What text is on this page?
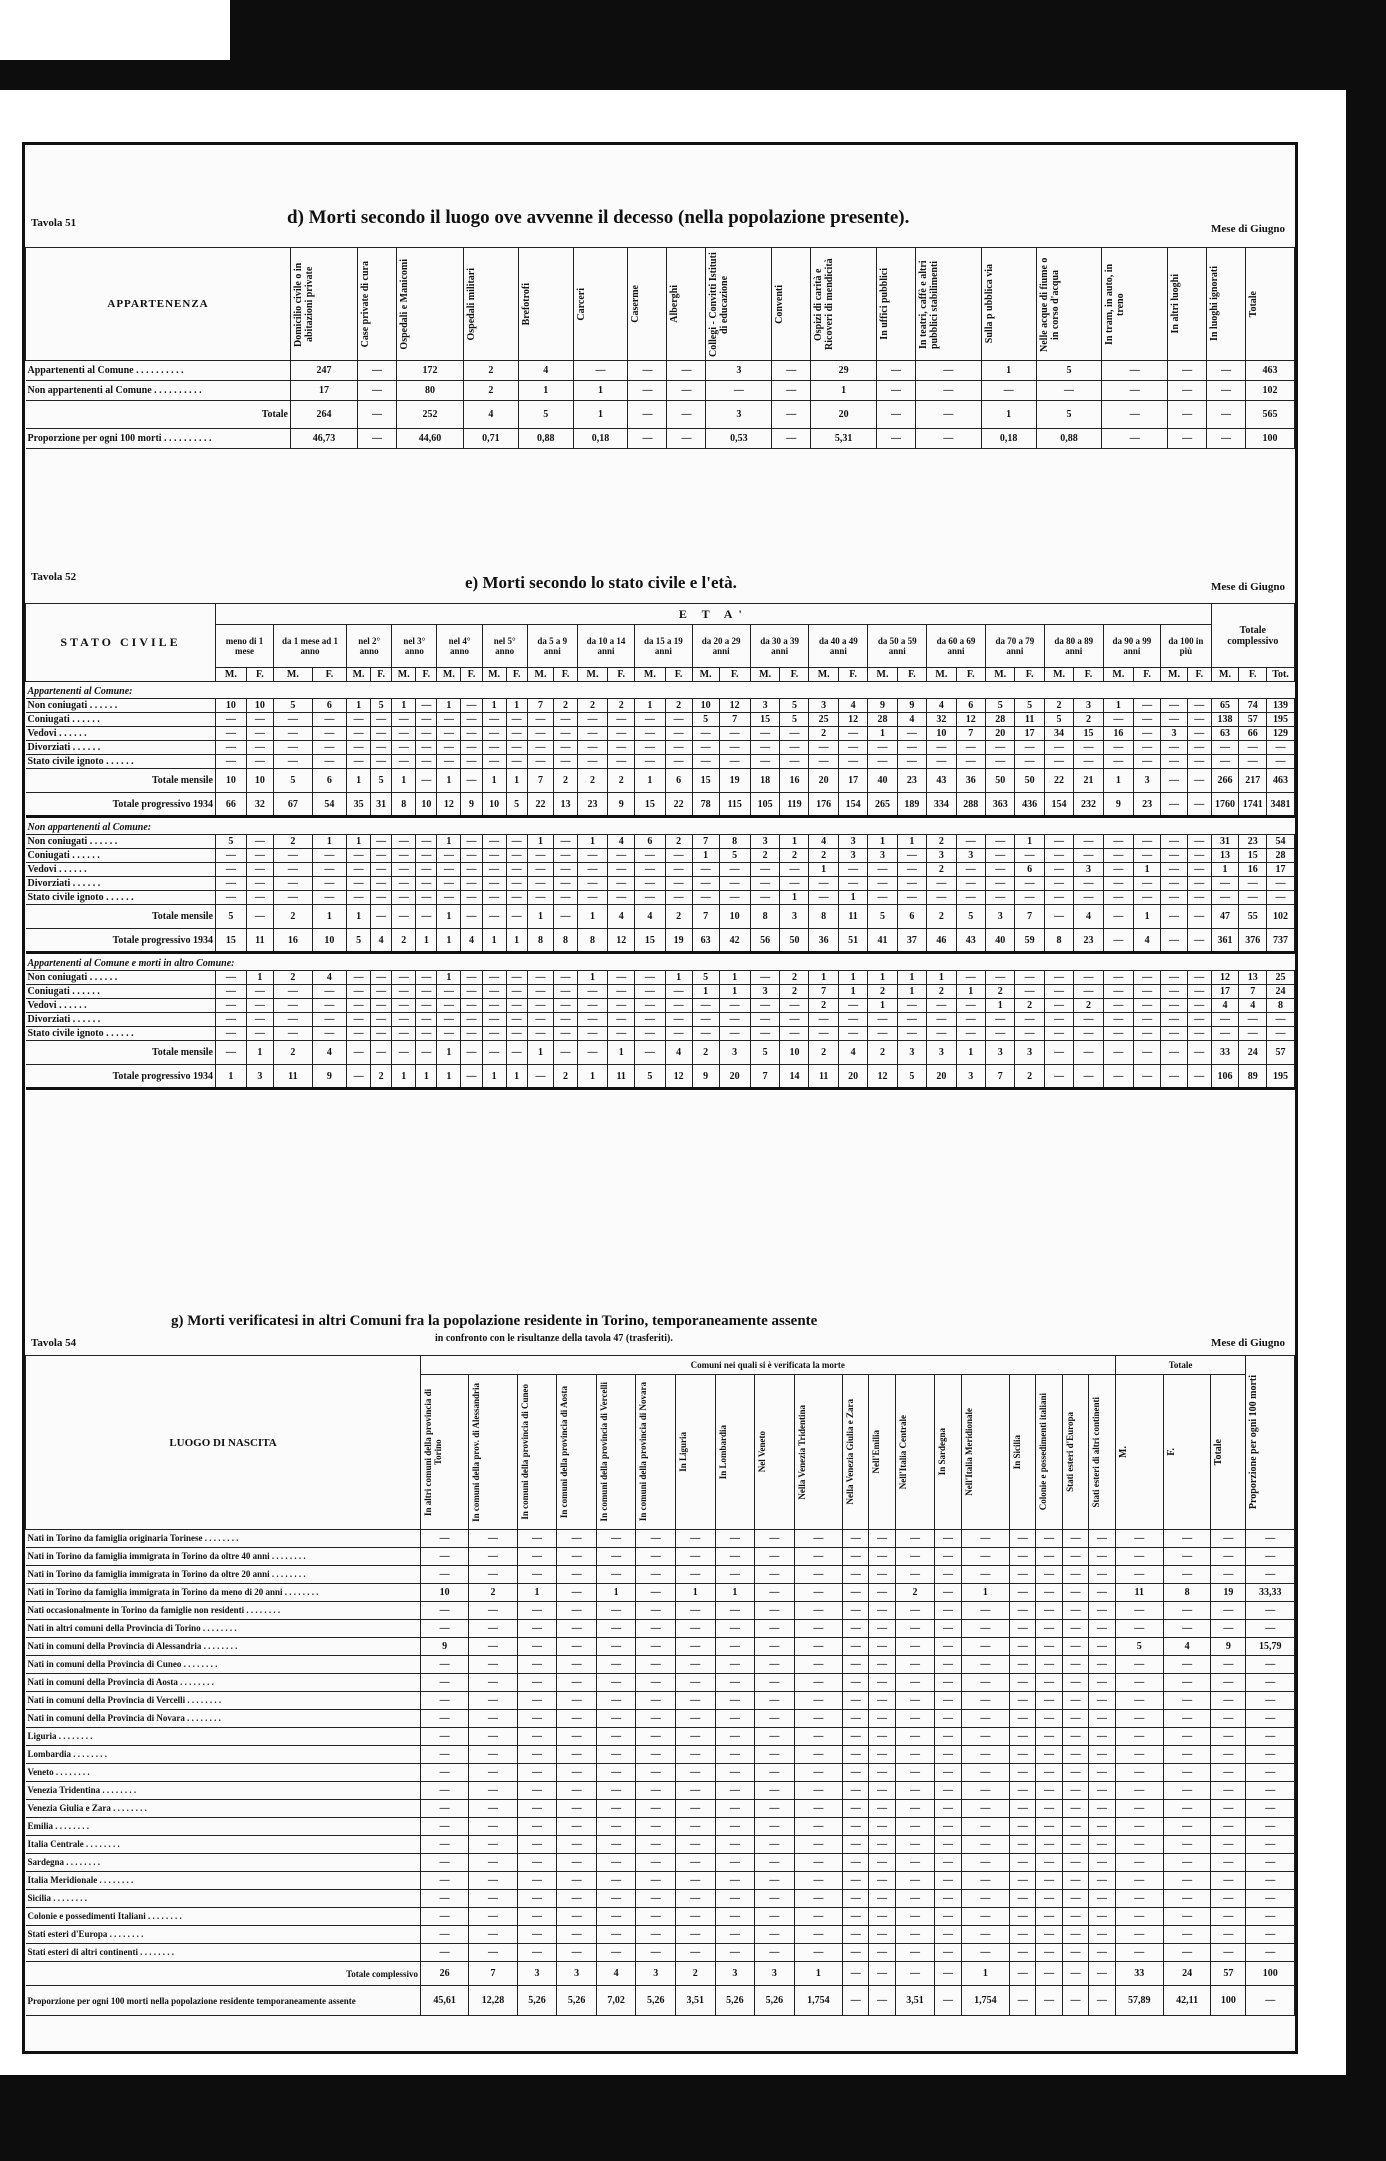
Tavola 51	d) Morti secondo il luogo ove avvenne il decesso (nella popolazione presente).
Mese di Giugno
APPARTENENZA	Domicilio civile o in abitazioni private	Case private di cura	Ospedali e Manicomi	Ospedali militari	Brefotrofi	Carceri	Caserme	Alberghi	Collegi - Convitti Istituti di educazione	Conventi	Ospizi di carità e Ricoveri di mendicità	In uffici pubblici	In teatri, caffè e altri pubblici stabilimenti	Sulla p ubblica via	Nelle acque di fiume o in corso d'acqua	In tram, in auto, in treno	In altri luoghi	In luoghi ignorati	Totale

Appartenenti al Comune . . . . . . . . . .	247	—	172	2	4	—	—	—	3	—	29	—	—	1	5	—	—	—	463
Non appartenenti al Comune . . . . . . . . . .	17	—	80	2	1	1	—	—	—	—	1	—	—	—	—	—	—	—	102
Totale	264	—	252	4	5	1	—	—	3	—	20	—	—	1	5	—	—	—	565
Proporzione per ogni 100 morti . . . . . . . . . .	46,73	—	44,60	0,71	0,88	0,18	—	—	0,53	—	5,31	—	—	0,18	0,88	—	—	—	100
Tavola 52	e) Morti secondo lo stato civile e l'età.	Mese di Giugno
STATO CIVILE	E T A'																																				Totale complessivo		
	meno di 1 mese		da 1 mese ad 1 anno		nel 2° anno		nel 3° anno		nel 4° anno		nel 5° anno		da 5 a 9 anni		da 10 a 14 anni		da 15 a 19 anni		da 20 a 29 anni		da 30 a 39 anni		da 40 a 49 anni		da 50 a 59 anni		da 60 a 69 anni		da 70 a 79 anni		da 80 a 89 anni		da 90 a 99 anni		da 100 in più				
	M.	F.	M.	F.	M.	F.	M.	F.	M.	F.	M.	F.	M.	F.	M.	F.	M.	F.	M.	F.	M.	F.	M.	F.	M.	F.	M.	F.	M.	F.	M.	F.	M.	F.	M.	F.	M.	F.	Tot.
Appartenenti al Comune:																																							
Non coniugati . . . . . .	10	10	5	6	1	5	1	—	1	—	1	1	7	2	2	2	1	2	10	12	3	5	3	4	9	9	4	6	5	5	2	3	1	—	—	—	65	74	139
Coniugati . . . . . .	—	—	—	—	—	—	—	—	—	—	—	—	—	—	—	—	—	—	5	7	15	5	25	12	28	4	32	12	28	11	5	2	—	—	—	—	138	57	195
Vedovi . . . . . .	—	—	—	—	—	—	—	—	—	—	—	—	—	—	—	—	—	—	—	—	—	—	2	—	1	—	10	7	20	17	34	15	16	—	3	—	63	66	129
Divorziati . . . . . .	—	—	—	—	—	—	—	—	—	—	—	—	—	—	—	—	—	—	—	—	—	—	—	—	—	—	—	—	—	—	—	—	—	—	—	—	—	—	—
Stato civile ignoto . . . . . .	—	—	—	—	—	—	—	—	—	—	—	—	—	—	—	—	—	—	—	—	—	—	—	—	—	—	—	—	—	—	—	—	—	—	—	—	—	—	—
Totale mensile	10	10	5	6	1	5	1	—	1	—	1	1	7	2	2	2	1	6	15	19	18	16	20	17	40	23	43	36	50	50	22	21	1	3	—	—	266	217	463
Totale progressivo 1934	66	32	67	54	35	31	8	10	12	9	10	5	22	13	23	9	15	22	78	115	105	119	176	154	265	189	334	288	363	436	154	232	9	23	—	—	1760	1741	3481
Non appartenenti al Comune:																																							
Non coniugati . . . . . .	5	—	2	1	1	—	—	—	1	—	—	—	1	—	1	4	6	2	7	8	3	1	4	3	1	1	2	—	—	1	—	—	—	—	—	—	31	23	54
Coniugati . . . . . .	—	—	—	—	—	—	—	—	—	—	—	—	—	—	—	—	—	—	1	5	2	2	2	3	3	—	3	3	—	—	—	—	—	—	—	—	13	15	28
Vedovi . . . . . .	—	—	—	—	—	—	—	—	—	—	—	—	—	—	—	—	—	—	—	—	—	—	1	—	—	—	2	—	—	6	—	3	—	1	—	—	1	16	17
Divorziati . . . . . .	—	—	—	—	—	—	—	—	—	—	—	—	—	—	—	—	—	—	—	—	—	—	—	—	—	—	—	—	—	—	—	—	—	—	—	—	—	—	—
Stato civile ignoto . . . . . .	—	—	—	—	—	—	—	—	—	—	—	—	—	—	—	—	—	—	—	—	—	1	—	1	—	—	—	—	—	—	—	—	—	—	—	—	—	—	—
Totale mensile	5	—	2	1	1	—	—	—	1	—	—	—	1	—	1	4	4	2	7	10	8	3	8	11	5	6	2	5	3	7	—	4	—	1	—	—	47	55	102
Totale progressivo 1934	15	11	16	10	5	4	2	1	1	4	1	1	8	8	8	12	15	19	63	42	56	50	36	51	41	37	46	43	40	59	8	23	—	4	—	—	361	376	737
Appartenenti al Comune e morti in altro Comune:																																							
Non coniugati . . . . . .	—	1	2	4	—	—	—	—	1	—	—	—	—	—	1	—	—	1	5	1	—	2	1	1	1	1	1	—	—	—	—	—	—	—	—	—	12	13	25
Coniugati . . . . . .	—	—	—	—	—	—	—	—	—	—	—	—	—	—	—	—	—	—	1	1	3	2	7	1	2	1	2	1	2	—	—	—	—	—	—	—	17	7	24
Vedovi . . . . . .	—	—	—	—	—	—	—	—	—	—	—	—	—	—	—	—	—	—	—	—	—	—	2	—	1	—	—	—	1	2	—	2	—	—	—	—	4	4	8
Divorziati . . . . . .	—	—	—	—	—	—	—	—	—	—	—	—	—	—	—	—	—	—	—	—	—	—	—	—	—	—	—	—	—	—	—	—	—	—	—	—	—	—	—
Stato civile ignoto . . . . . .	—	—	—	—	—	—	—	—	—	—	—	—	—	—	—	—	—	—	—	—	—	—	—	—	—	—	—	—	—	—	—	—	—	—	—	—	—	—	—
Totale mensile	—	1	2	4	—	—	—	—	1	—	—	—	1	—	—	1	—	4	2	3	5	10	2	4	2	3	3	1	3	3	—	—	—	—	—	—	33	24	57
Totale progressivo 1934	1	3	11	9	—	2	1	1	1	—	1	1	—	2	1	11	5	12	9	20	7	14	11	20	12	5	20	3	7	2	—	—	—	—	—	—	106	89	195
Tavola 54
g) Morti verificatesi in altri Comuni fra la popolazione residente in Torino, temporaneamente assente
in confronto con le risultanze della tavola 47 (trasferiti).	Mese di Giugno
LUOGO DI NASCITA	Comuni nei quali si è verificata la morte																			Totale			Proporzione per ogni 100 morti

	In altri comuni della provincia di Torino	In comuni della prov. di Alessandria	In comuni della provincia di Cuneo	In comuni della provincia di Aosta	In comuni della provincia di Vercelli	In comuni della provincia di Novara	In Liguria	In Lombardia	Nel Veneto	Nella Venezia Tridentina	Nella Venezia Giulia e Zara	Nell'Emilia	Nell'Italia Centrale	In Sardegna	Nell'Italia Meridionale	In Sicilia	Colonie e possedimenti italiani	Stati esteri d'Europa	Stati esteri di altri continenti	M.	F.	Totale	

Nati in Torino da famiglia originaria Torinese . . . . . . . .	—	—	—	—	—	—	—	—	—	—	—	—	—	—	—	—	—	—	—	—	—	—	—
Nati in Torino da famiglia immigrata in Torino da oltre 40 anni . . . . . . . .	—	—	—	—	—	—	—	—	—	—	—	—	—	—	—	—	—	—	—	—	—	—	—
Nati in Torino da famiglia immigrata in Torino da oltre 20 anni . . . . . . . .	—	—	—	—	—	—	—	—	—	—	—	—	—	—	—	—	—	—	—	—	—	—	—
Nati in Torino da famiglia immigrata in Torino da meno di 20 anni . . . . . . . .	10	2	1	—	1	—	1	1	—	—	—	—	2	—	1	—	—	—	—	11	8	19	33,33
Nati occasionalmente in Torino da famiglie non residenti . . . . . . . .	—	—	—	—	—	—	—	—	—	—	—	—	—	—	—	—	—	—	—	—	—	—	—
Nati in altri comuni della Provincia di Torino . . . . . . . .	—	—	—	—	—	—	—	—	—	—	—	—	—	—	—	—	—	—	—	—	—	—	—
Nati in comuni della Provincia di Alessandria . . . . . . . .	9	—	—	—	—	—	—	—	—	—	—	—	—	—	—	—	—	—	—	5	4	9	15,79
Nati in comuni della Provincia di Cuneo . . . . . . . .	—	—	—	—	—	—	—	—	—	—	—	—	—	—	—	—	—	—	—	—	—	—	—
Nati in comuni della Provincia di Aosta . . . . . . . .	—	—	—	—	—	—	—	—	—	—	—	—	—	—	—	—	—	—	—	—	—	—	—
Nati in comuni della Provincia di Vercelli . . . . . . . .	—	—	—	—	—	—	—	—	—	—	—	—	—	—	—	—	—	—	—	—	—	—	—
Nati in comuni della Provincia di Novara . . . . . . . .	—	—	—	—	—	—	—	—	—	—	—	—	—	—	—	—	—	—	—	—	—	—	—
Liguria . . . . . . . .	—	—	—	—	—	—	—	—	—	—	—	—	—	—	—	—	—	—	—	—	—	—	—
Lombardia . . . . . . . .	—	—	—	—	—	—	—	—	—	—	—	—	—	—	—	—	—	—	—	—	—	—	—
Veneto . . . . . . . .	—	—	—	—	—	—	—	—	—	—	—	—	—	—	—	—	—	—	—	—	—	—	—
Venezia Tridentina . . . . . . . .	—	—	—	—	—	—	—	—	—	—	—	—	—	—	—	—	—	—	—	—	—	—	—
Venezia Giulia e Zara . . . . . . . .	—	—	—	—	—	—	—	—	—	—	—	—	—	—	—	—	—	—	—	—	—	—	—
Emilia . . . . . . . .	—	—	—	—	—	—	—	—	—	—	—	—	—	—	—	—	—	—	—	—	—	—	—
Italia Centrale . . . . . . . .	—	—	—	—	—	—	—	—	—	—	—	—	—	—	—	—	—	—	—	—	—	—	—
Sardegna . . . . . . . .	—	—	—	—	—	—	—	—	—	—	—	—	—	—	—	—	—	—	—	—	—	—	—
Italia Meridionale . . . . . . . .	—	—	—	—	—	—	—	—	—	—	—	—	—	—	—	—	—	—	—	—	—	—	—
Sicilia . . . . . . . .	—	—	—	—	—	—	—	—	—	—	—	—	—	—	—	—	—	—	—	—	—	—	—
Colonie e possedimenti Italiani . . . . . . . .	—	—	—	—	—	—	—	—	—	—	—	—	—	—	—	—	—	—	—	—	—	—	—
Stati esteri d'Europa . . . . . . . .	—	—	—	—	—	—	—	—	—	—	—	—	—	—	—	—	—	—	—	—	—	—	—
Stati esteri di altri continenti . . . . . . . .	—	—	—	—	—	—	—	—	—	—	—	—	—	—	—	—	—	—	—	—	—	—	—
Totale complessivo	26	7	3	3	4	3	2	3	3	1	—	—	—	—	1	—	—	—	—	33	24	57	100
Proporzione per ogni 100 morti nella popolazione residente temporaneamente assente	45,61	12,28	5,26	5,26	7,02	5,26	3,51	5,26	5,26	1,754	—	—	3,51	—	1,754	—	—	—	—	57,89	42,11	100	—
